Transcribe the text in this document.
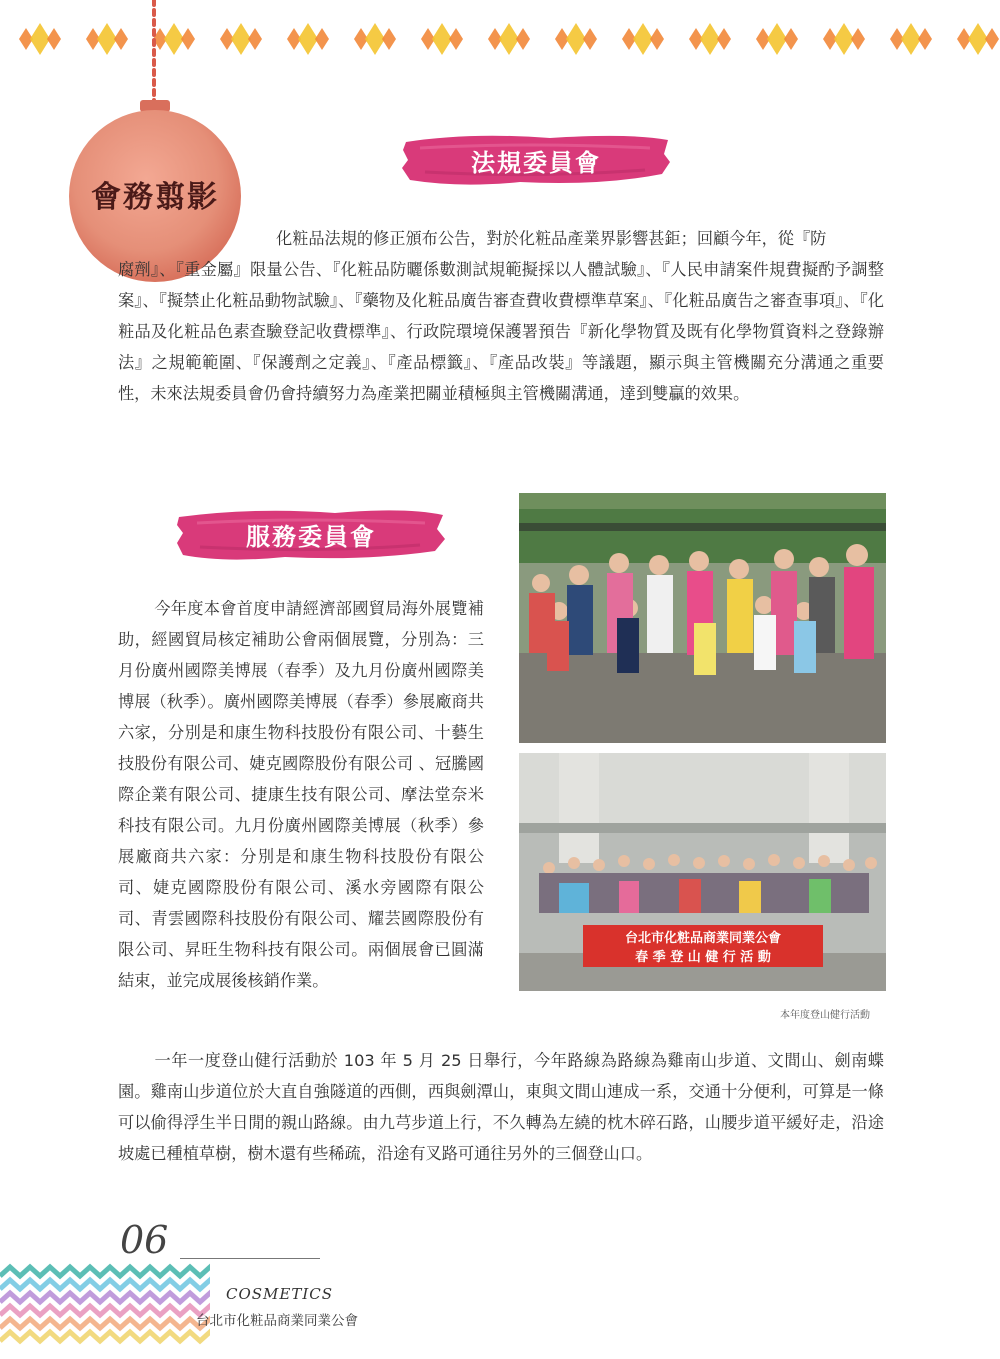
會務翦影
法規委員會

化粧品法規的修正頒布公告，對於化粧品產業界影響甚鉅；回顧今年，從『防
腐劑』、『重金屬』限量公告、『化粧品防曬係數測試規範擬採以人體試驗』、『人民申請案件規費擬酌予調整案』、『擬禁止化粧品動物試驗』、『藥物及化粧品廣告審查費收費標準草案』、『化粧品廣告之審查事項』、『化粧品及化粧品色素查驗登記收費標準』、行政院環境保護署預告『新化學物質及既有化學物質資料之登錄辦法』之規範範圍、『保護劑之定義』、『產品標籤』、『產品改裝』等議題，顯示與主管機關充分溝通之重要性，未來法規委員會仍會持續努力為產業把關並積極與主管機關溝通，達到雙贏的效果。

服務委員會

今年度本會首度申請經濟部國貿局海外展覽補助，經國貿局核定補助公會兩個展覽，分別為：三月份廣州國際美博展（春季）及九月份廣州國際美博展（秋季）。廣州國際美博展（春季）參展廠商共六家，分別是和康生物科技股份有限公司、十藝生技股份有限公司、婕克國際股份有限公司 、冠騰國際企業有限公司、捷康生技有限公司、摩法堂奈米科技有限公司。九月份廣州國際美博展（秋季）參展廠商共六家：分別是和康生物科技股份有限公司、婕克國際股份有限公司、溪水旁國際有限公司、青雲國際科技股份有限公司、耀芸國際股份有限公司、昇旺生物科技有限公司。兩個展會已圓滿結束，並完成展後核銷作業。

台北市化粧品商業同業公會
春 季 登 山 健 行 活 動
本年度登山健行活動

一年一度登山健行活動於 103 年 5 月 25 日舉行，今年路線為路線為雞南山步道、文間山、劍南蝶園。雞南山步道位於大直自強隧道的西側，西與劍潭山，東與文間山連成一系，交通十分便利，可算是一條可以偷得浮生半日閒的親山路線。由九芎步道上行，不久轉為左繞的枕木碎石路，山腰步道平緩好走，沿途坡處已種植草樹，樹木還有些稀疏，沿途有叉路可通往另外的三個登山口。

06
COSMETICS
台北市化粧品商業同業公會
